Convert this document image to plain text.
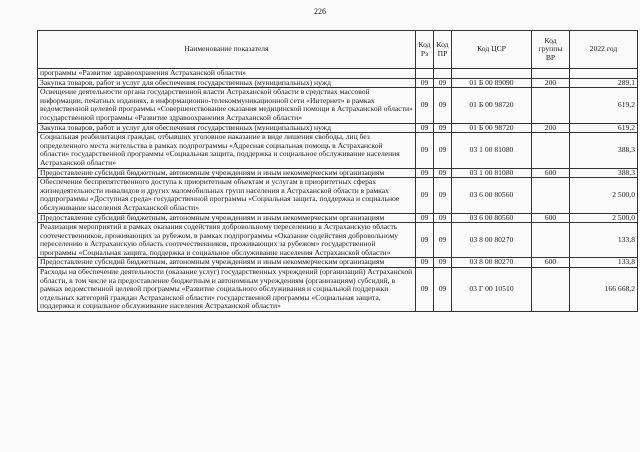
226
Наименование показателя	Код Рз	Код ПР	Код ЦСР	Код группы ВР	2022 год
программы «Развитие здравоохранения Астраханской области»					
Закупка товаров, работ и услуг для обеспечения государственных (муниципальных) нужд	09	09	01 Б 00 89090	200	289,1
Освещение деятельности органа государственной власти Астраханской области в средствах массовой информации, печатных изданиях, в информационно-телекоммуникационной сети «Интернет» в рамках ведомственной целевой программы «Совершенствование оказания медицинской помощи в Астраханской области» государственной программы «Развитие здравоохранения Астраханской области»	09	09	01 Б 00 98720		619,2
Закупка товаров, работ и услуг для обеспечения государственных (муниципальных) нужд	09	09	01 Б 00 98720	200	619,2
Социальная реабилитация граждан, отбывших уголовное наказание в виде лишения свободы, лиц без определенного места жительства в рамках подпрограммы «Адресная социальная помощь в Астраханской области» государственной программы «Социальная защита, поддержка и социальное обслуживание населения Астраханской области»	09	09	03 1 00 81080		388,3
Предоставление субсидий бюджетным, автономным учреждениям и иным некоммерческим организациям	09	09	03 1 00 81080	600	388,3
Обеспечение беспрепятственного доступа к приоритетным объектам и услугам в приоритетных сферах жизнедеятельности инвалидов и других маломобильных групп населения в Астраханской области в рамках подпрограммы «Доступная среда» государственной программы «Социальная защита, поддержка и социальное обслуживание населения Астраханской области»	09	09	03 6 00 80560		2 500,0
Предоставление субсидий бюджетным, автономным учреждениям и иным некоммерческим организациям	09	09	03 6 00 80560	600	2 500,0
Реализация мероприятий в рамках оказания содействия добровольному переселению в Астраханскую область соотечественников, проживающих за рубежом, в рамках подпрограммы «Оказание содействия добровольному переселению в Астраханскую область соотечественников, проживающих за рубежом» государственной программы «Социальная защита, поддержка и социальное обслуживание населения Астраханской области»	09	09	03 8 00 80270		133,8
Предоставление субсидий бюджетным, автономным учреждениям и иным некоммерческим организациям	09	09	03 8 00 80270	600	133,8
Расходы на обеспечение деятельности (оказание услуг) государственных учреждений (организаций) Астраханской области, в том числе на предоставление бюджетным и автономным учреждениям (организациям) субсидий, в рамках ведомственной целевой программы «Развитие социального обслуживания и социальной поддержки отдельных категорий граждан Астраханской области» государственной программы «Социальная защита, поддержка и социальное обслуживание населения Астраханской области»	09	09	03 Г 00 10510		166 668,2
